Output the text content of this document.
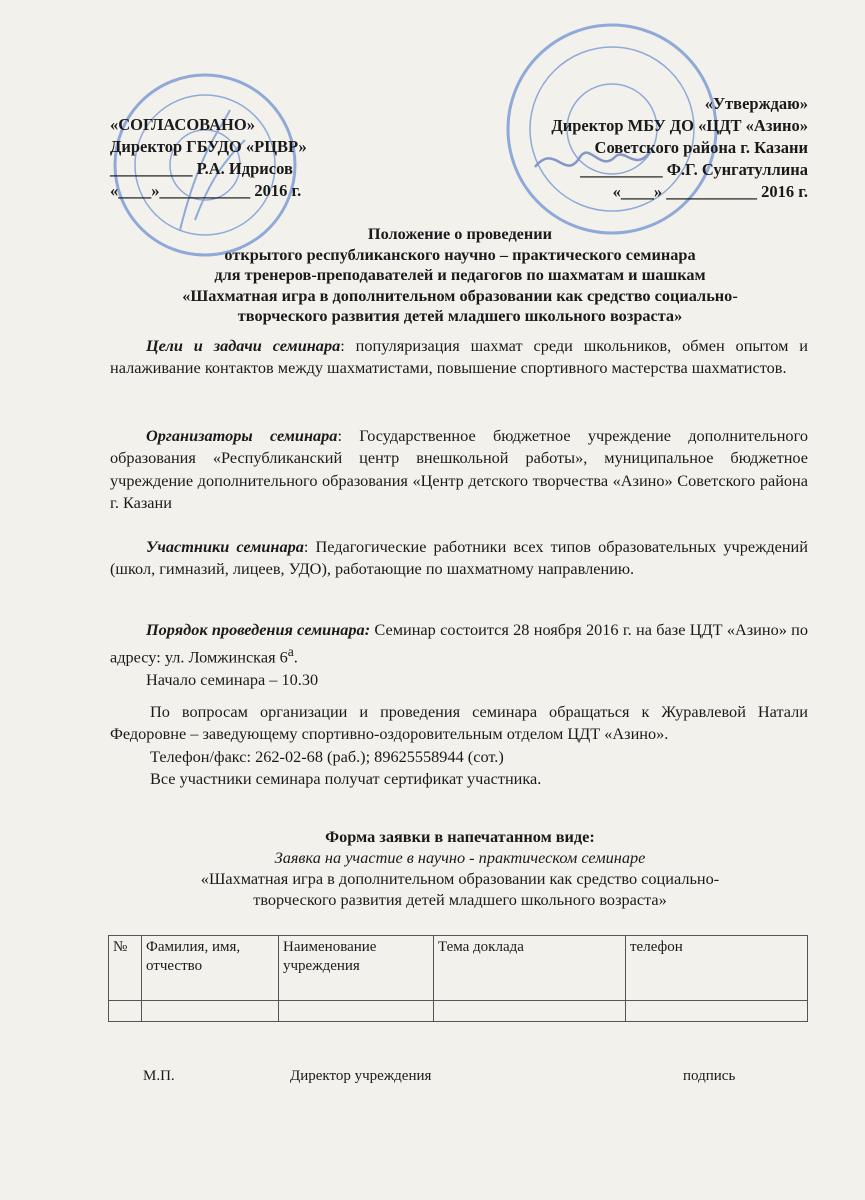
«СОГЛАСОВАНО»
Директор ГБУДО «РЦВР»
__________ Р.А. Идрисов
«____»___________ 2016 г.
«Утверждаю»
Директор МБУ ДО «ЦДТ «Азино»
Советского района г. Казани
__________ Ф.Г. Сунгатуллина
«____» ___________ 2016 г.
Положение о проведении
открытого республиканского научно – практического семинара
для тренеров-преподавателей и педагогов по шахматам и шашкам
«Шахматная игра в дополнительном образовании как средство социально-
творческого развития детей младшего школьного возраста»

Цели и задачи семинара: популяризация шахмат среди школьников, обмен опытом и налаживание контактов между шахматистами, повышение спортивного мастерства шахматистов.

Организаторы семинара: Государственное бюджетное учреждение дополнительного образования «Республиканский центр внешкольной работы», муниципальное бюджетное учреждение дополнительного образования «Центр детского творчества «Азино» Советского района г. Казани

Участники семинара: Педагогические работники всех типов образовательных учреждений (школ, гимназий, лицеев, УДО), работающие по шахматному направлению.

Порядок проведения семинара: Семинар состоится 28 ноября 2016 г. на базе ЦДТ «Азино» по адресу: ул. Ломжинская $6^а$.

Начало семинара – 10.30

По вопросам организации и проведения семинара обращаться к Журавлевой Натали Федоровне – заведующему спортивно-оздоровительным отделом ЦДТ «Азино».

Телефон/факс: 262-02-68 (раб.); 89625558944 (сот.)

Все участники семинара получат сертификат участника.

Форма заявки в напечатанном виде:
Заявка на участие в научно - практическом семинаре
«Шахматная игра в дополнительном образовании как средство социально-
творческого развития детей младшего школьного возраста»
№	Фамилия, имя, отчество	Наименование учреждения	Тема доклада	телефон

М.П.	Директор учреждения	подпись
